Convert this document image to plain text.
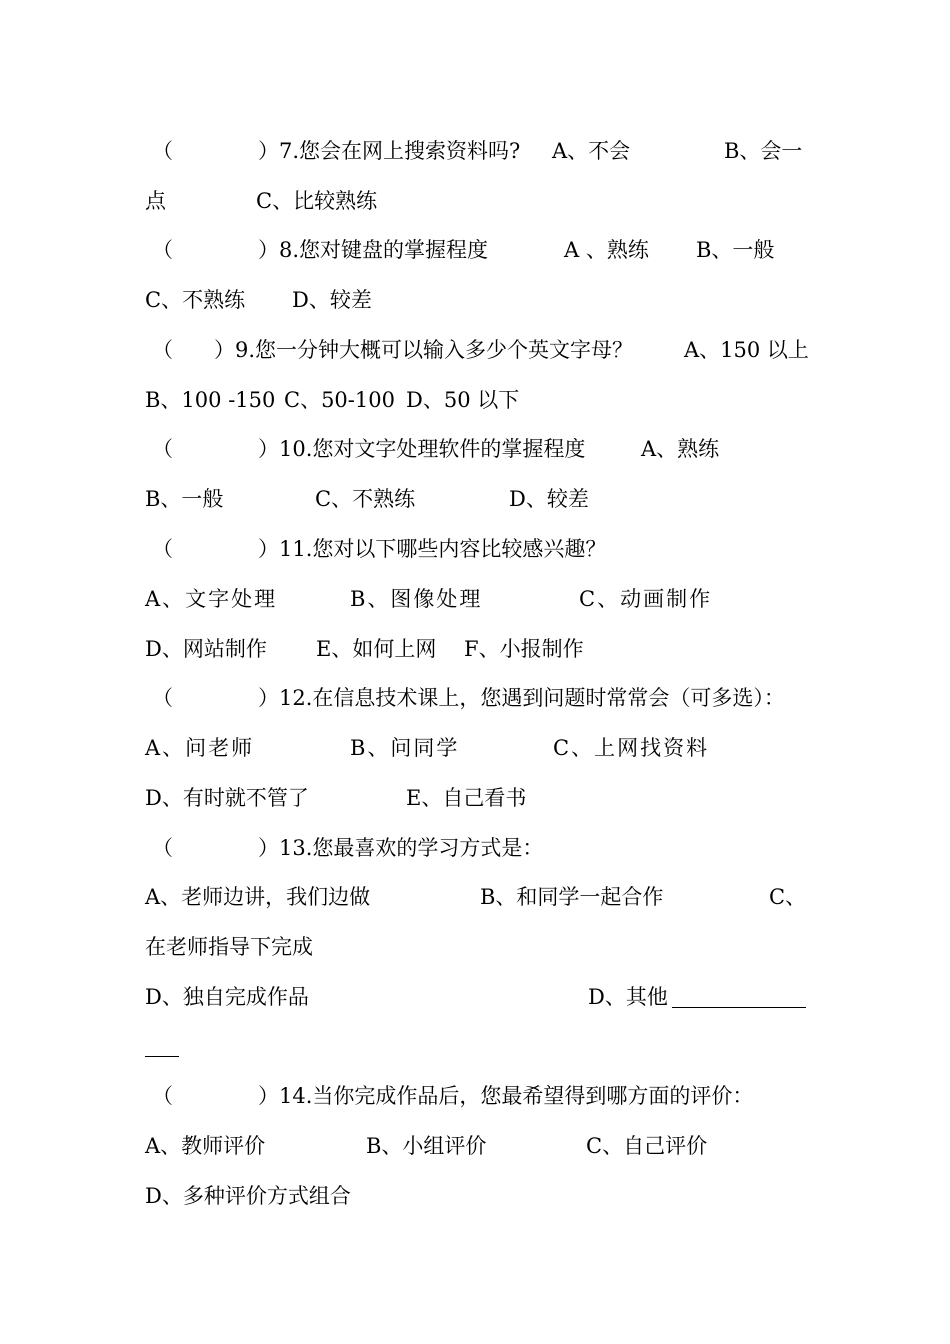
（

	）7.您会在网上搜索资料吗?

A、不会

	B、会一

点

	C、比较熟练

（

	）8.您对键盘的掌握程度

	A 、熟练

B、一般

C、不熟练

D、较差

（

）9.您一分钟大概可以输入多少个英文字母？

A、150 以上

B、100 -150

C、50-100

D、50 以下

（

	）10.您对文字处理软件的掌握程度

	A、熟练

B、一般

	C、不熟练

	D、较差

（

	）11.您对以下哪些内容比较感兴趣？

A、文字处理

	B、图像处理

	C、动画制作

D、网站制作

E、如何上网

F、小报制作

（

	）12.在信息技术课上，您遇到问题时常常会（可多选）：

A、问老师

	B、问同学

	C、上网找资料

D、有时就不管了

	E、自己看书

（

	）13.您最喜欢的学习方式是：

A、老师边讲，我们边做

	B、和同学一起合作

	C、

在老师指导下完成

D、独自完成作品

	D、其他

（

	）14.当你完成作品后，您最希望得到哪方面的评价：

A、教师评价

	B、小组评价

	C、自己评价

D、多种评价方式组合
